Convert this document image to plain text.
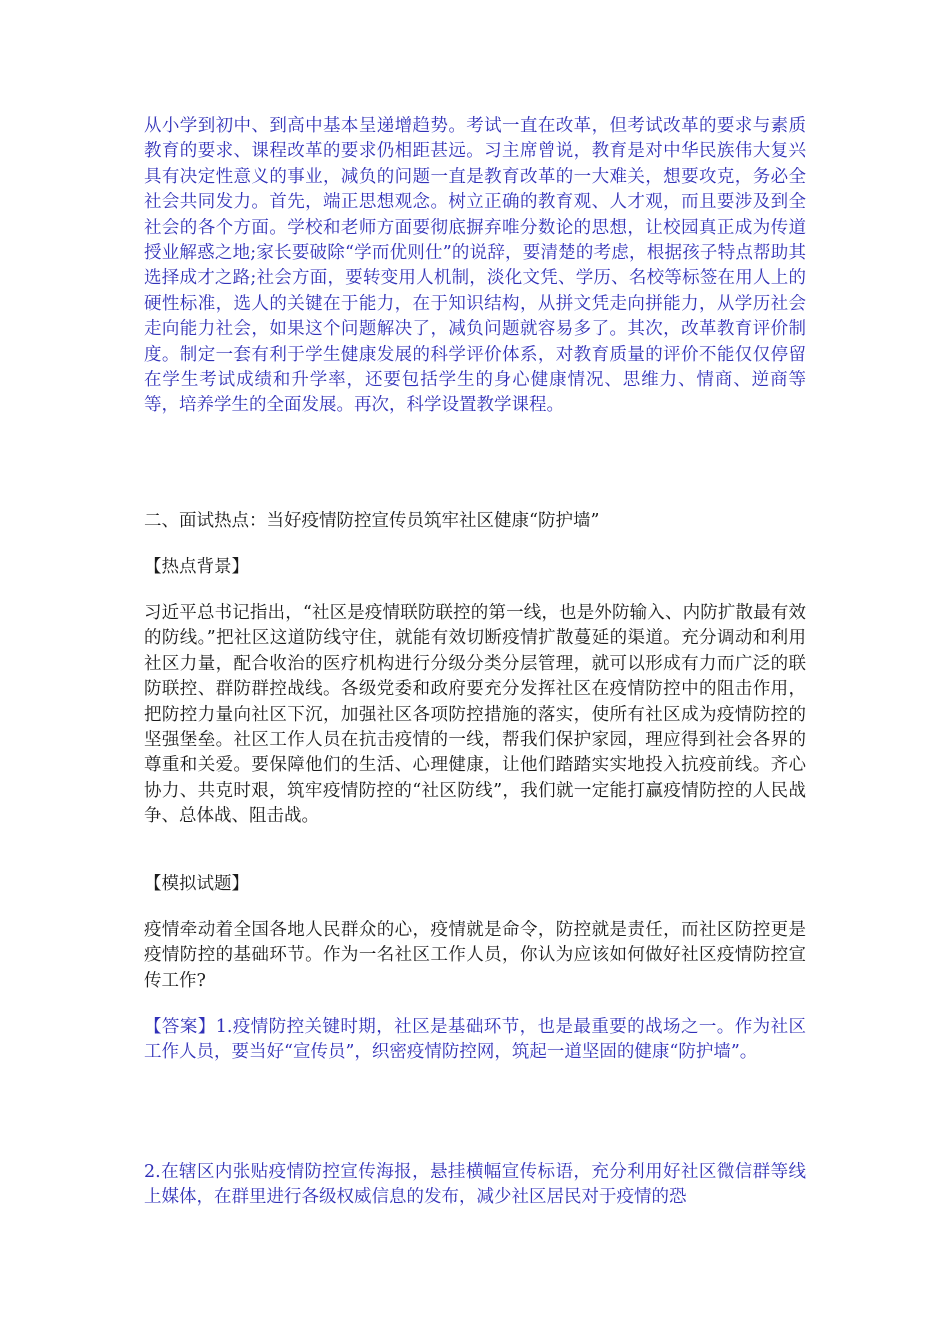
从小学到初中、到高中基本呈递增趋势。考试一直在改革，但考试改革的要求与素质教育的要求、课程改革的要求仍相距甚远。习主席曾说，教育是对中华民族伟大复兴具有决定性意义的事业，减负的问题一直是教育改革的一大难关，想要攻克，务必全社会共同发力。首先，端正思想观念。树立正确的教育观、人才观，而且要涉及到全社会的各个方面。学校和老师方面要彻底摒弃唯分数论的思想，让校园真正成为传道授业解惑之地;家长要破除“学而优则仕”的说辞，要清楚的考虑，根据孩子特点帮助其选择成才之路;社会方面，要转变用人机制，淡化文凭、学历、名校等标签在用人上的硬性标准，选人的关键在于能力，在于知识结构，从拼文凭走向拼能力，从学历社会走向能力社会，如果这个问题解决了，减负问题就容易多了。其次，改革教育评价制度。制定一套有利于学生健康发展的科学评价体系，对教育质量的评价不能仅仅停留在学生考试成绩和升学率，还要包括学生的身心健康情况、思维力、情商、逆商等等，培养学生的全面发展。再次，科学设置教学课程。

二、面试热点：当好疫情防控宣传员筑牢社区健康“防护墙”

【热点背景】

习近平总书记指出，“社区是疫情联防联控的第一线，也是外防输入、内防扩散最有效的防线。”把社区这道防线守住，就能有效切断疫情扩散蔓延的渠道。充分调动和利用社区力量，配合收治的医疗机构进行分级分类分层管理，就可以形成有力而广泛的联防联控、群防群控战线。各级党委和政府要充分发挥社区在疫情防控中的阻击作用，把防控力量向社区下沉，加强社区各项防控措施的落实，使所有社区成为疫情防控的坚强堡垒。社区工作人员在抗击疫情的一线，帮我们保护家园，理应得到社会各界的尊重和关爱。要保障他们的生活、心理健康，让他们踏踏实实地投入抗疫前线。齐心协力、共克时艰，筑牢疫情防控的“社区防线”，我们就一定能打赢疫情防控的人民战争、总体战、阻击战。

【模拟试题】

疫情牵动着全国各地人民群众的心，疫情就是命令，防控就是责任，而社区防控更是疫情防控的基础环节。作为一名社区工作人员，你认为应该如何做好社区疫情防控宣传工作?

【答案】1.疫情防控关键时期，社区是基础环节，也是最重要的战场之一。作为社区工作人员，要当好“宣传员”，织密疫情防控网，筑起一道坚固的健康“防护墙”。

2.在辖区内张贴疫情防控宣传海报，悬挂横幅宣传标语，充分利用好社区微信群等线上媒体，在群里进行各级权威信息的发布，减少社区居民对于疫情的恐
